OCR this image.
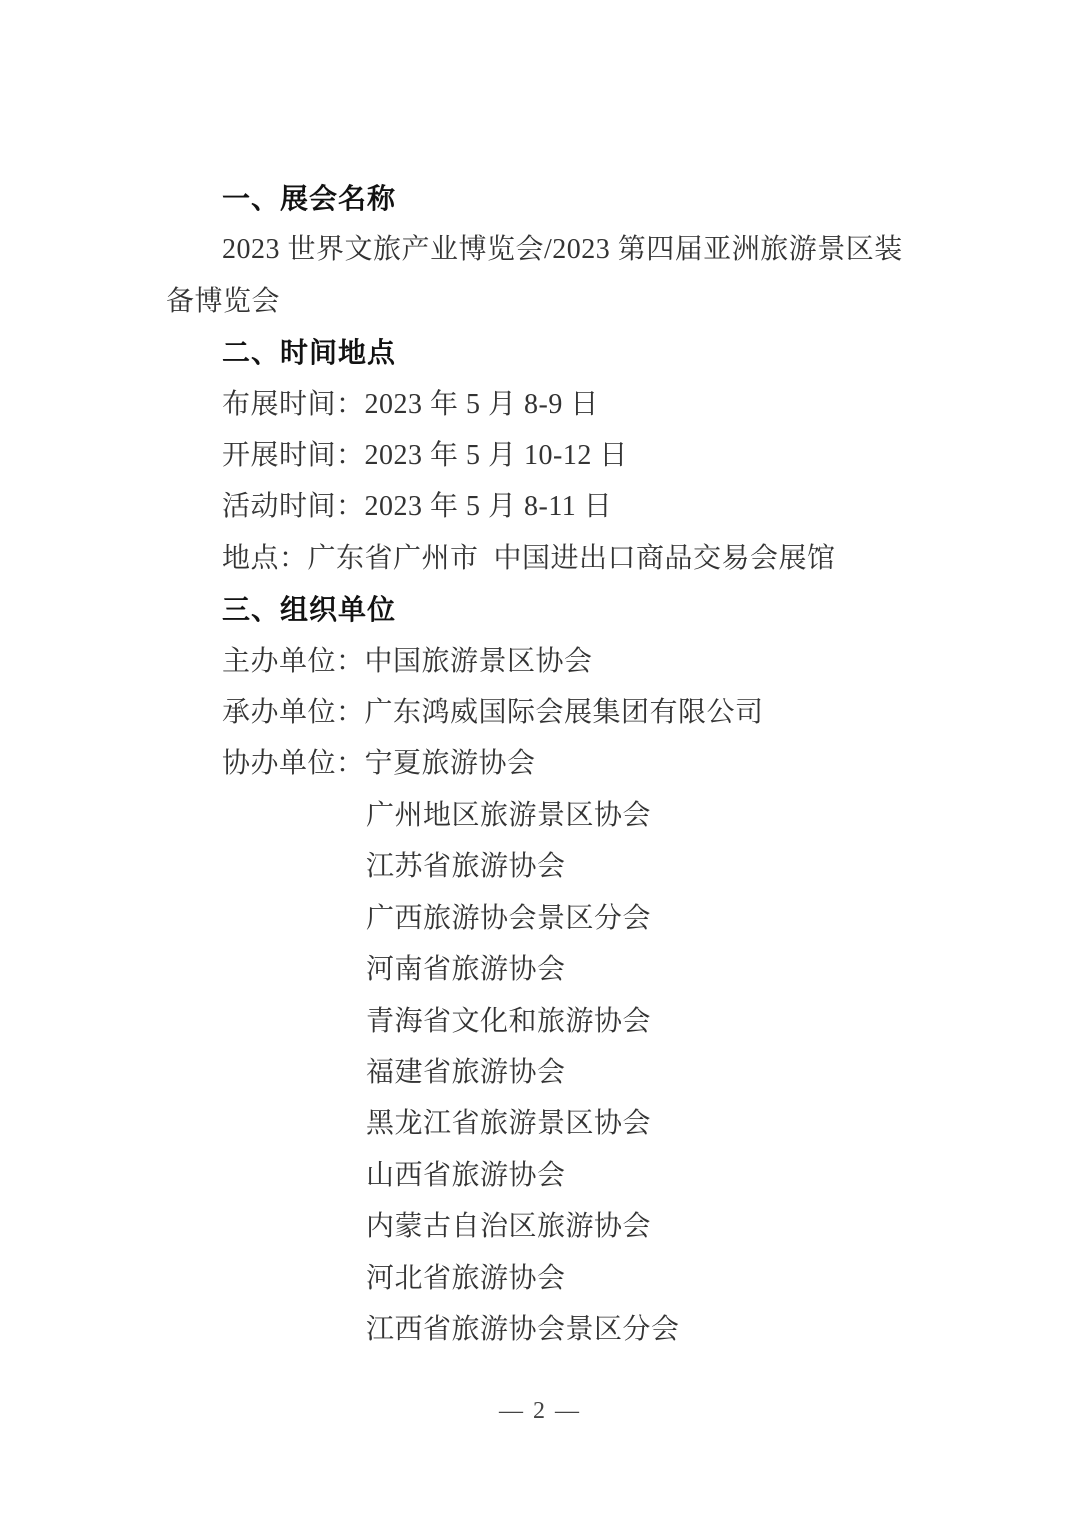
一、展会名称
2023 世界文旅产业博览会/2023 第四届亚洲旅游景区装
备博览会
二、时间地点
布展时间：2023 年 5 月 8-9 日
开展时间：2023 年 5 月 10-12 日
活动时间：2023 年 5 月 8-11 日
地点：广东省广州市  中国进出口商品交易会展馆
三、组织单位
主办单位：中国旅游景区协会
承办单位：广东鸿威国际会展集团有限公司
协办单位：宁夏旅游协会
广州地区旅游景区协会
江苏省旅游协会
广西旅游协会景区分会
河南省旅游协会
青海省文化和旅游协会
福建省旅游协会
黑龙江省旅游景区协会
山西省旅游协会
内蒙古自治区旅游协会
河北省旅游协会
江西省旅游协会景区分会
— 2 —
